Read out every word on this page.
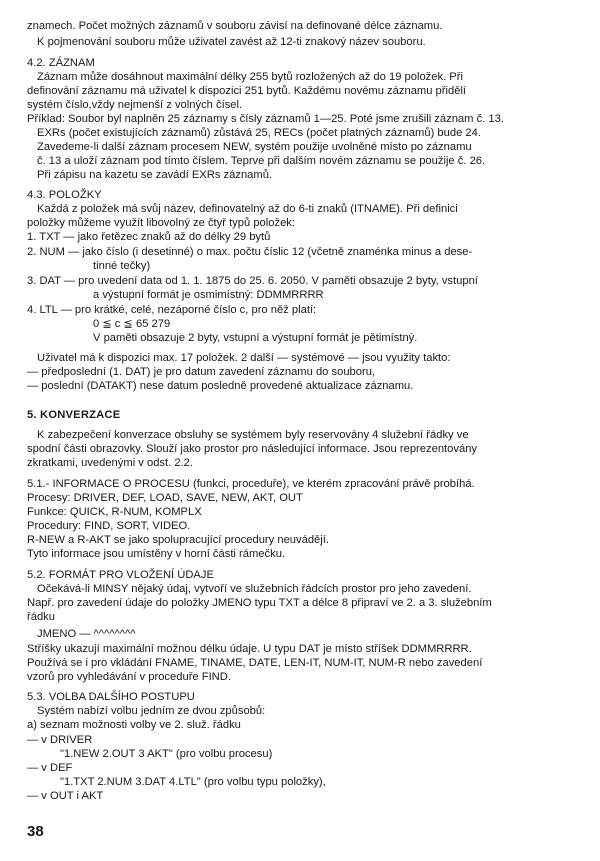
znamech. Počet možných záznamů v souboru závisí na definované délce záznamu.
K pojmenování souboru může uživatel zavést až 12-ti znakový název souboru.
4.2. ZÁZNAM
Záznam může dosáhnout maximální délky 255 bytů rozložených až do 19 položek. Při
definování záznamu má uživatel k dispozici 251 bytů. Každému novému záznamu přidělí
systém číslo,vždy nejmenší z volných čísel.
Příklad: Soubor byl naplněn 25 záznamy s čísly záznamů 1—25. Poté jsme zrušili záznam č. 13.
EXRs (počet existujících záznamů) zůstává 25, RECs (počet platných záznamů) bude 24.
Zavedeme-li další záznam procesem NEW, systém použije uvolněné místo po záznamu
č. 13 a uloží záznam pod tímto číslem. Teprve při dalším novém záznamu se použije č. 26.
Při zápisu na kazetu se zavádí EXRs záznamů.
4.3. POLOŽKY
Každá z položek má svůj název, definovatelný až do 6-ti znaků (ITNAME). Při definici
položky můžeme využít libovolný ze čtyř typů položek:
1. TXT — jako řetězec znaků až do délky 29 bytů
2. NUM — jako číslo (i desetinné) o max. počtu číslic 12 (včetně znaménka minus a dese-
tinné tečky)
3. DAT — pro uvedení data od 1. 1. 1875 do 25. 6. 2050. V paměti obsazuje 2 byty, vstupní
a výstupní formát je osmimístný: DDMMRRRR
4. LTL — pro krátké, celé, nezáporné číslo c, pro něž platí:
0 ≦ c ≦ 65 279
V paměti obsazuje 2 byty, vstupní a výstupní formát je pětimístný.
Uživatel má k dispozici max. 17 položek. 2 další — systémové — jsou využity takto:
— předposlední (1. DAT) je pro datum zavedení záznamu do souboru,
— poslední (DATAKT) nese datum posledně provedené aktualizace záznamu.
5. KONVERZACE
K zabezpečení konverzace obsluhy se systémem byly reservovány 4 služební řádky ve
spodní části obrazovky. Slouží jako prostor pro následující informace. Jsou reprezentovány
zkratkami, uvedenými v odst. 2.2.
5.1.- INFORMACE O PROCESU (funkci, proceduře), ve kterém zpracování právě probíhá.
Procesy: DRIVER, DEF, LOAD, SAVE, NEW, AKT, OUT
Funkce: QUICK, R-NUM, KOMPLX
Procedury: FIND, SORT, VIDEO.
R-NEW a R-AKT se jako spolupracující procedury neuvádějí.
Tyto informace jsou umístěny v horní části rámečku.
5.2. FORMÁT PRO VLOŽENÍ ÚDAJE
Očekává-li MINSY nějaký údaj, vytvoří ve služebních řádcích prostor pro jeho zavedení.
Např. pro zavedení údaje do položky JMENO typu TXT a délce 8 připraví ve 2. a 3. služebním
řádku
JMENO — ^^^^^^^^
Stříšky ukazují maximální možnou délku údaje. U typu DAT je místo stříšek DDMMRRRR.
Používá se i pro vkládání FNAME, TINAME, DATE, LEN-IT, NUM-IT, NUM-R nebo zavedení
vzorů pro vyhledávání v proceduře FIND.
5.3. VOLBA DALŠÍHO POSTUPU
Systém nabízí volbu jedním ze dvou způsobů:
a) seznam možnosti volby ve 2. služ. řádku
— v DRIVER
"1.NEW 2.OUT 3 AKT" (pro volbu procesu)
— v DEF
"1.TXT 2.NUM 3.DAT 4.LTL" (pro volbu typu položky),
— v OUT i AKT
38
